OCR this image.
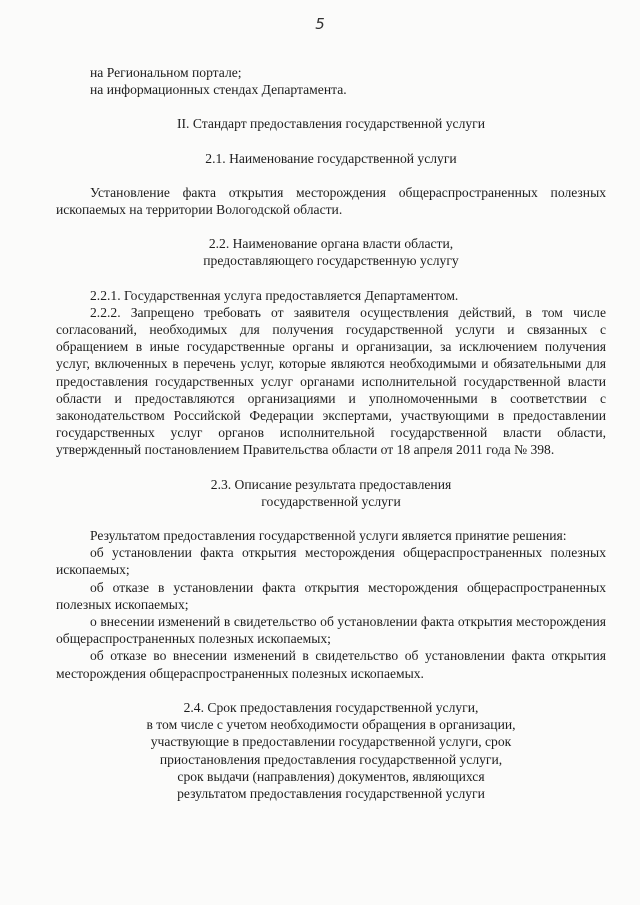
5

на Региональном портале;

на информационных стендах Департамента.

II. Стандарт предоставления государственной услуги

2.1. Наименование государственной услуги

Установление факта открытия месторождения общераспространенных полезных ископаемых на территории Вологодской области.

2.2. Наименование органа власти области,

предоставляющего государственную услугу

2.2.1. Государственная услуга предоставляется Департаментом.

2.2.2. Запрещено требовать от заявителя осуществления действий, в том числе согласований, необходимых для получения государственной услуги и связанных с обращением в иные государственные органы и организации, за исключением получения услуг, включенных в перечень услуг, которые являются необходимыми и обязательными для предоставления государственных услуг органами исполнительной государственной власти области и предоставляются организациями и уполномоченными в соответствии с законодательством Российской Федерации экспертами, участвующими в предоставлении государственных услуг органов исполнительной государственной власти области, утвержденный постановлением Правительства области от 18 апреля 2011 года № 398.

2.3. Описание результата предоставления

государственной услуги

Результатом предоставления государственной услуги является принятие решения:

об установлении факта открытия месторождения общераспространенных полезных ископаемых;

об отказе в установлении факта открытия месторождения общераспространенных полезных ископаемых;

о внесении изменений в свидетельство об установлении факта открытия месторождения общераспространенных полезных ископаемых;

об отказе во внесении изменений в свидетельство об установлении факта открытия месторождения общераспространенных полезных ископаемых.

2.4. Срок предоставления государственной услуги,

в том числе с учетом необходимости обращения в организации,

участвующие в предоставлении государственной услуги, срок

приостановления предоставления государственной услуги,

срок выдачи (направления) документов, являющихся

результатом предоставления государственной услуги
